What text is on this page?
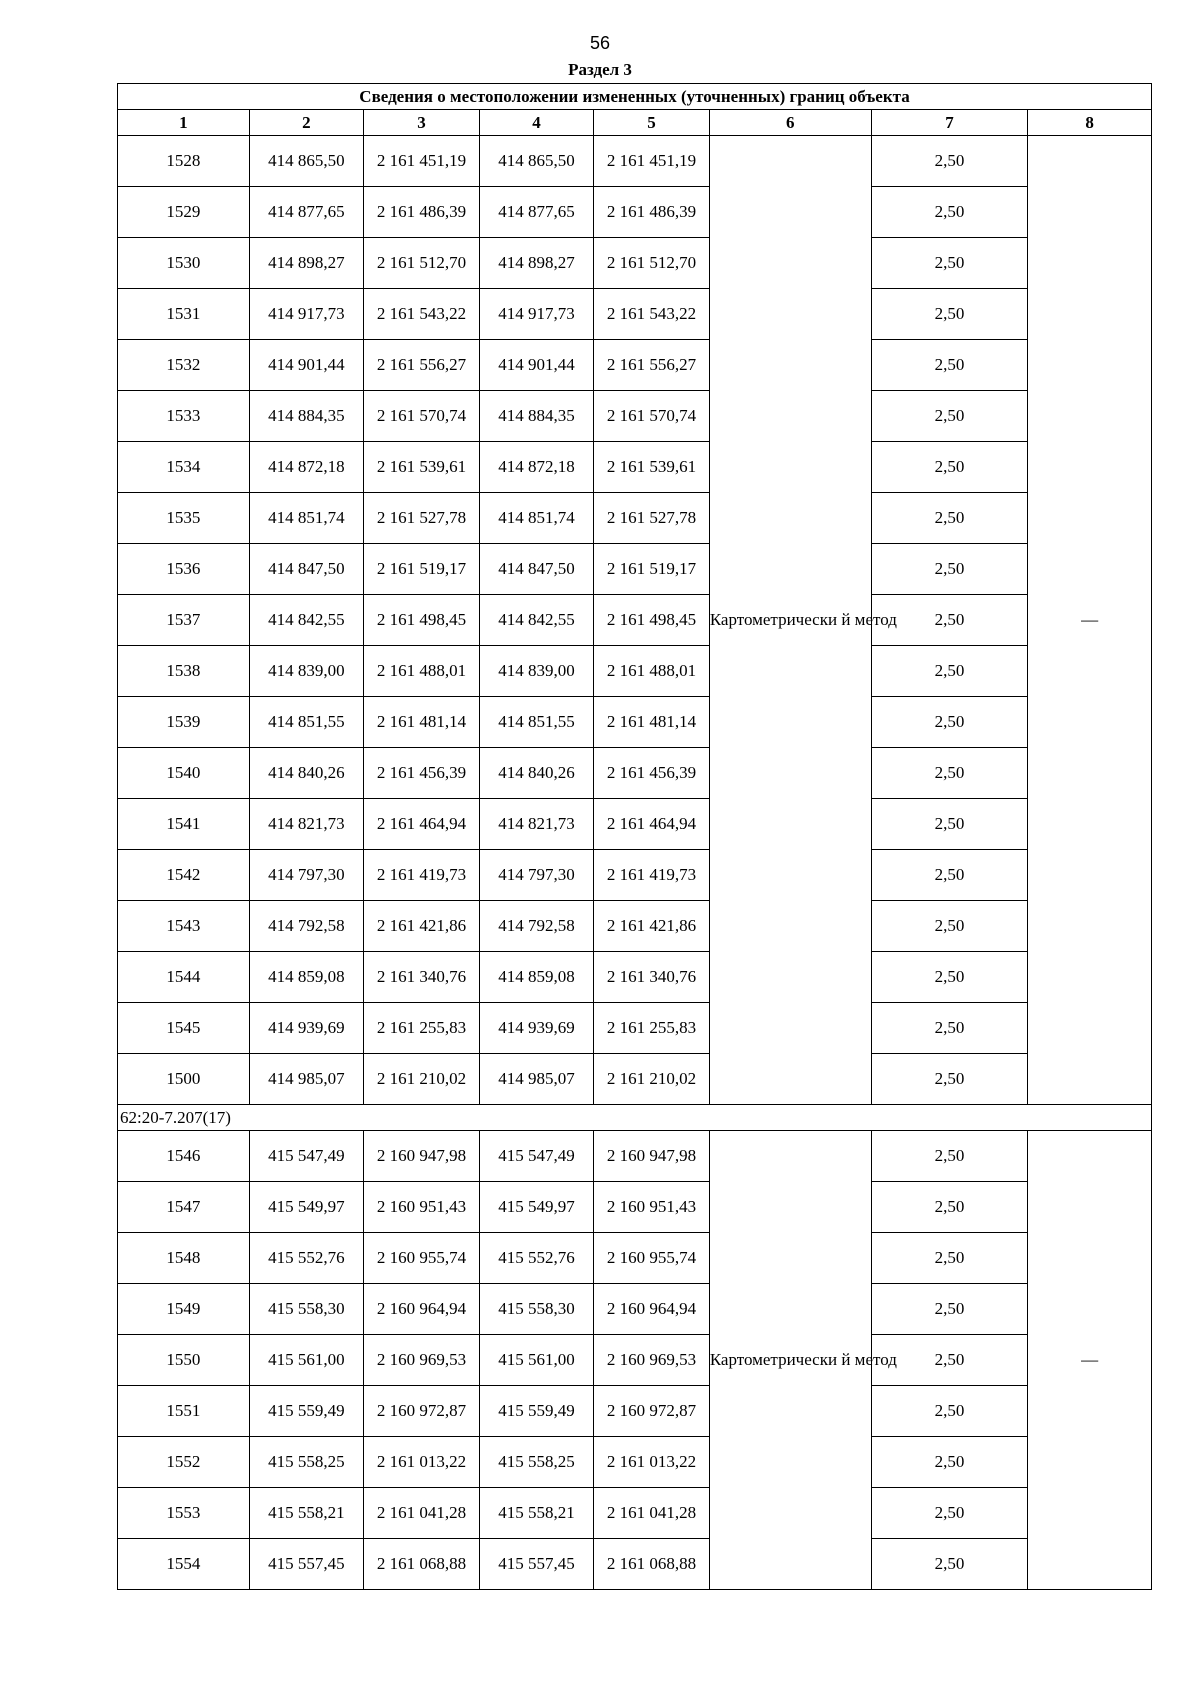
56
Раздел 3
Сведения о местоположении измененных (уточненных) границ объекта							
1	2	3	4	5	6	7	8
1528	414 865,50	2 161 451,19	414 865,50	2 161 451,19	Картометрически й метод	2,50	—
1529	414 877,65	2 161 486,39	414 877,65	2 161 486,39		2,50	
1530	414 898,27	2 161 512,70	414 898,27	2 161 512,70		2,50	
1531	414 917,73	2 161 543,22	414 917,73	2 161 543,22		2,50	
1532	414 901,44	2 161 556,27	414 901,44	2 161 556,27		2,50	
1533	414 884,35	2 161 570,74	414 884,35	2 161 570,74		2,50	
1534	414 872,18	2 161 539,61	414 872,18	2 161 539,61		2,50	
1535	414 851,74	2 161 527,78	414 851,74	2 161 527,78		2,50	
1536	414 847,50	2 161 519,17	414 847,50	2 161 519,17		2,50	
1537	414 842,55	2 161 498,45	414 842,55	2 161 498,45		2,50	
1538	414 839,00	2 161 488,01	414 839,00	2 161 488,01		2,50	
1539	414 851,55	2 161 481,14	414 851,55	2 161 481,14		2,50	
1540	414 840,26	2 161 456,39	414 840,26	2 161 456,39		2,50	
1541	414 821,73	2 161 464,94	414 821,73	2 161 464,94		2,50	
1542	414 797,30	2 161 419,73	414 797,30	2 161 419,73		2,50	
1543	414 792,58	2 161 421,86	414 792,58	2 161 421,86		2,50	
1544	414 859,08	2 161 340,76	414 859,08	2 161 340,76		2,50	
1545	414 939,69	2 161 255,83	414 939,69	2 161 255,83		2,50	
1500	414 985,07	2 161 210,02	414 985,07	2 161 210,02		2,50	
62:20-7.207(17)							
1546	415 547,49	2 160 947,98	415 547,49	2 160 947,98	Картометрически й метод	2,50	—
1547	415 549,97	2 160 951,43	415 549,97	2 160 951,43		2,50	
1548	415 552,76	2 160 955,74	415 552,76	2 160 955,74		2,50	
1549	415 558,30	2 160 964,94	415 558,30	2 160 964,94		2,50	
1550	415 561,00	2 160 969,53	415 561,00	2 160 969,53		2,50	
1551	415 559,49	2 160 972,87	415 559,49	2 160 972,87		2,50	
1552	415 558,25	2 161 013,22	415 558,25	2 161 013,22		2,50	
1553	415 558,21	2 161 041,28	415 558,21	2 161 041,28		2,50	
1554	415 557,45	2 161 068,88	415 557,45	2 161 068,88		2,50	
